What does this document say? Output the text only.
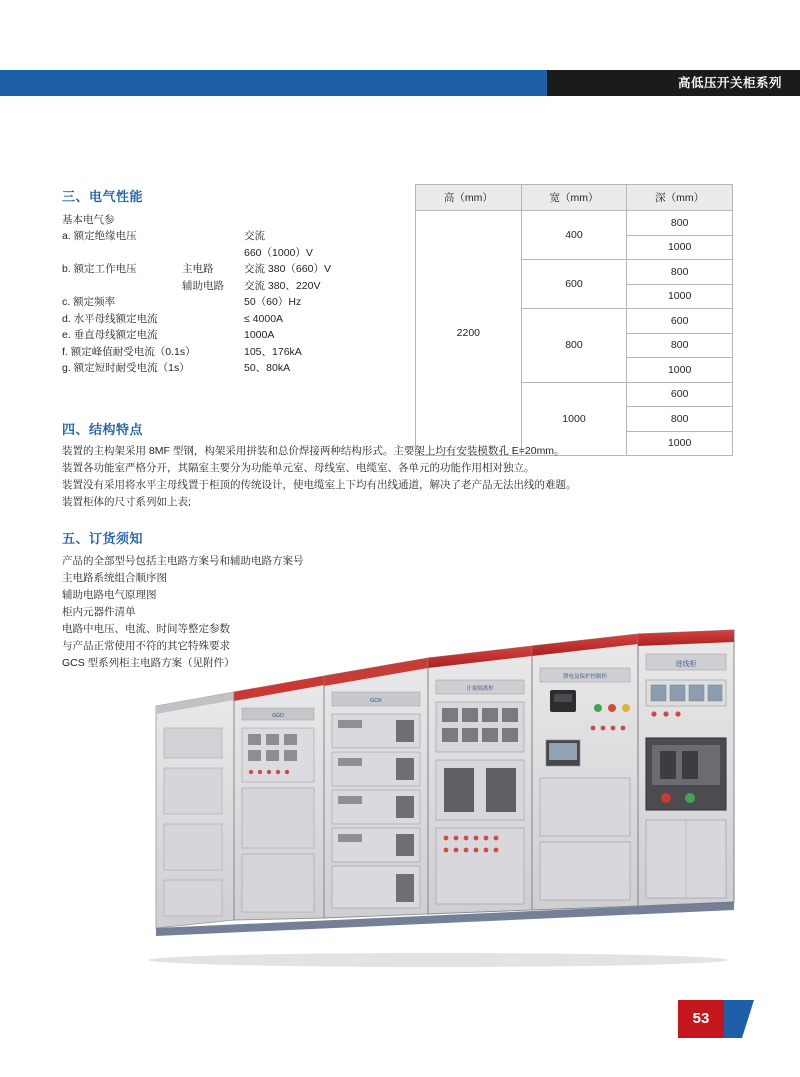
高低压开关柜系列
三、电气性能
基本电气参
a. 额定绝缘电压	交流
660（1000）V
b. 额定工作电压	主电路	交流 380（660）V
辅助电路	交流 380、220V
c. 额定频率	50（60）Hz
d. 水平母线额定电流	≤ 4000A
e. 垂直母线额定电流	1000A
f. 额定峰值耐受电流（0.1s）	105、176kA
g. 额定短时耐受电流（1s）	50、80kA
高（mm）	宽（mm）	深（mm）
2200	400	800
		1000
	600	800
		1000
	800	600
		800
		1000
	1000	600
		800
		1000
四、结构特点
装置的主构架采用 8MF 型钢，构架采用拼装和总价焊接两种结构形式。主要架上均有安装模数孔 E=20mm。
装置各功能室严格分开，其隔室主要分为功能单元室、母线室、电缆室、各单元的功能作用相对独立。
装置没有采用将水平主母线置于柜顶的传统设计，使电缆室上下均有出线通道，解决了老产品无法出线的难题。
装置柜体的尺寸系列如上表;
五、订货须知
产品的全部型号包括主电路方案号和辅助电路方案号
主电路系统组合顺序图
辅助电路电气原理图
柜内元器件清单
电路中电压、电流、时间等整定参数
与产品正常使用不符的其它特殊要求
GCS 型系列柜主电路方案（见附件）
GGD
GCK
计量隔离柜
馈电及保护控制柜
进线柜
53
